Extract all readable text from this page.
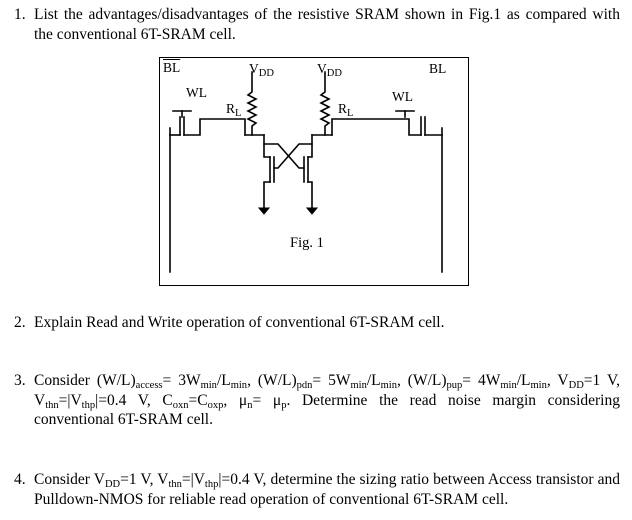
1. List the advantages/disadvantages of the resistive SRAM shown in Fig.1 as compared with the conventional 6T-SRAM cell.
$\overline{BL}$	BL
$V_{DD}$	$V_{DD}$
WL	WL
$R_L$	$R_L$
Fig. 1
2. Explain Read and Write operation of conventional 6T-SRAM cell.
3. Consider $(W/L)_{access}= 3W_{min}/L_{min}$, $(W/L)_{pdn}= 5W_{min}/L_{min}$, $(W/L)_{pup}= 4W_{min}/L_{min}$, $V_{DD}=1$ V, $V_{thn}=|V_{thp}|=0.4$ V, $C_{oxn}=C_{oxp}$, $\mu_n= \mu_p$. Determine the read noise margin considering conventional 6T-SRAM cell.
4. Consider $V_{DD}=1$ V, $V_{thn}=|V_{thp}|=0.4$ V, determine the sizing ratio between Access transistor and Pulldown-NMOS for reliable read operation of conventional 6T-SRAM cell.
